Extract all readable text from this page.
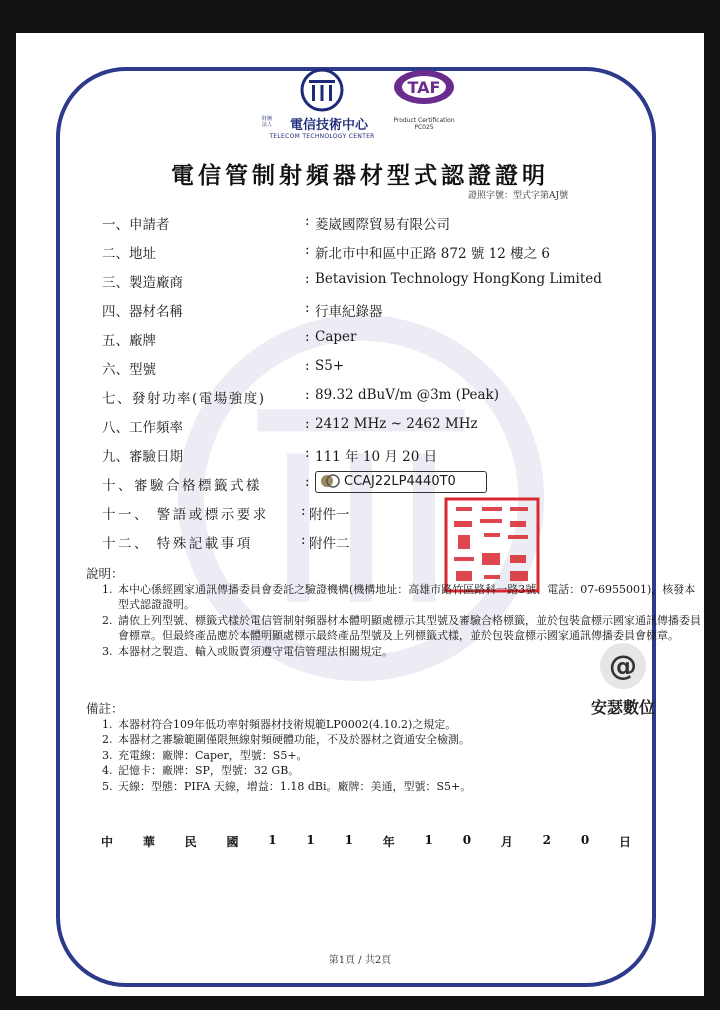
財團
法人	電信技術中心
TELECOM TECHNOLOGY CENTER
TAF
Product Certification
PC025
電信管制射頻器材型式認證證明
證照字號：型式字第AJ號
一、申請者	: 菱崴國際貿易有限公司
二、地址	: 新北市中和區中正路 872 號 12 樓之 6
三、製造廠商	: Betavision Technology HongKong Limited
四、器材名稱	: 行車紀錄器
五、廠牌	: Caper
六、型號	: S5+
七、發射功率(電場強度)	: 89.32 dBuV/m @3m (Peak)
八、工作頻率	: 2412 MHz ~ 2462 MHz
九、審驗日期	: 111 年 10 月 20 日
十、審驗合格標籤式樣	:	CCAJ22LP4440T0
十一、 警語或標示要求 : 附件一
十二、 特殊記載事項	: 附件二
說明：
1. 本中心係經國家通訊傳播委員會委託之驗證機構(機構地址：高雄市路竹區路科一路3號、電話：07-6955001)，核發本型式認證證明。
2. 請依上列型號、標籤式樣於電信管制射頻器材本體明顯處標示其型號及審驗合格標籤，並於包裝盒標示國家通訊傳播委員會標章。但最終產品應於本體明顯處標示最終產品型號及上列標籤式樣，並於包裝盒標示國家通訊傳播委員會標章。
3. 本器材之製造、輸入或販賣須遵守電信管理法相關規定。
備註：
1. 本器材符合109年低功率射頻器材技術規範LP0002(4.10.2)之規定。
2. 本器材之審驗範圍僅限無線射頻硬體功能，不及於器材之資通安全檢測。
3. 充電線：廠牌：Caper，型號：S5+。
4. 記憶卡：廠牌：SP，型號：32 GB。
5. 天線：型態：PIFA 天線，增益：1.18 dBi。廠牌：美通，型號：S5+。
中 華 民 國 1 1 1 年 1 0 月 2 0 日
第1頁 / 共2頁
@
安瑟數位
